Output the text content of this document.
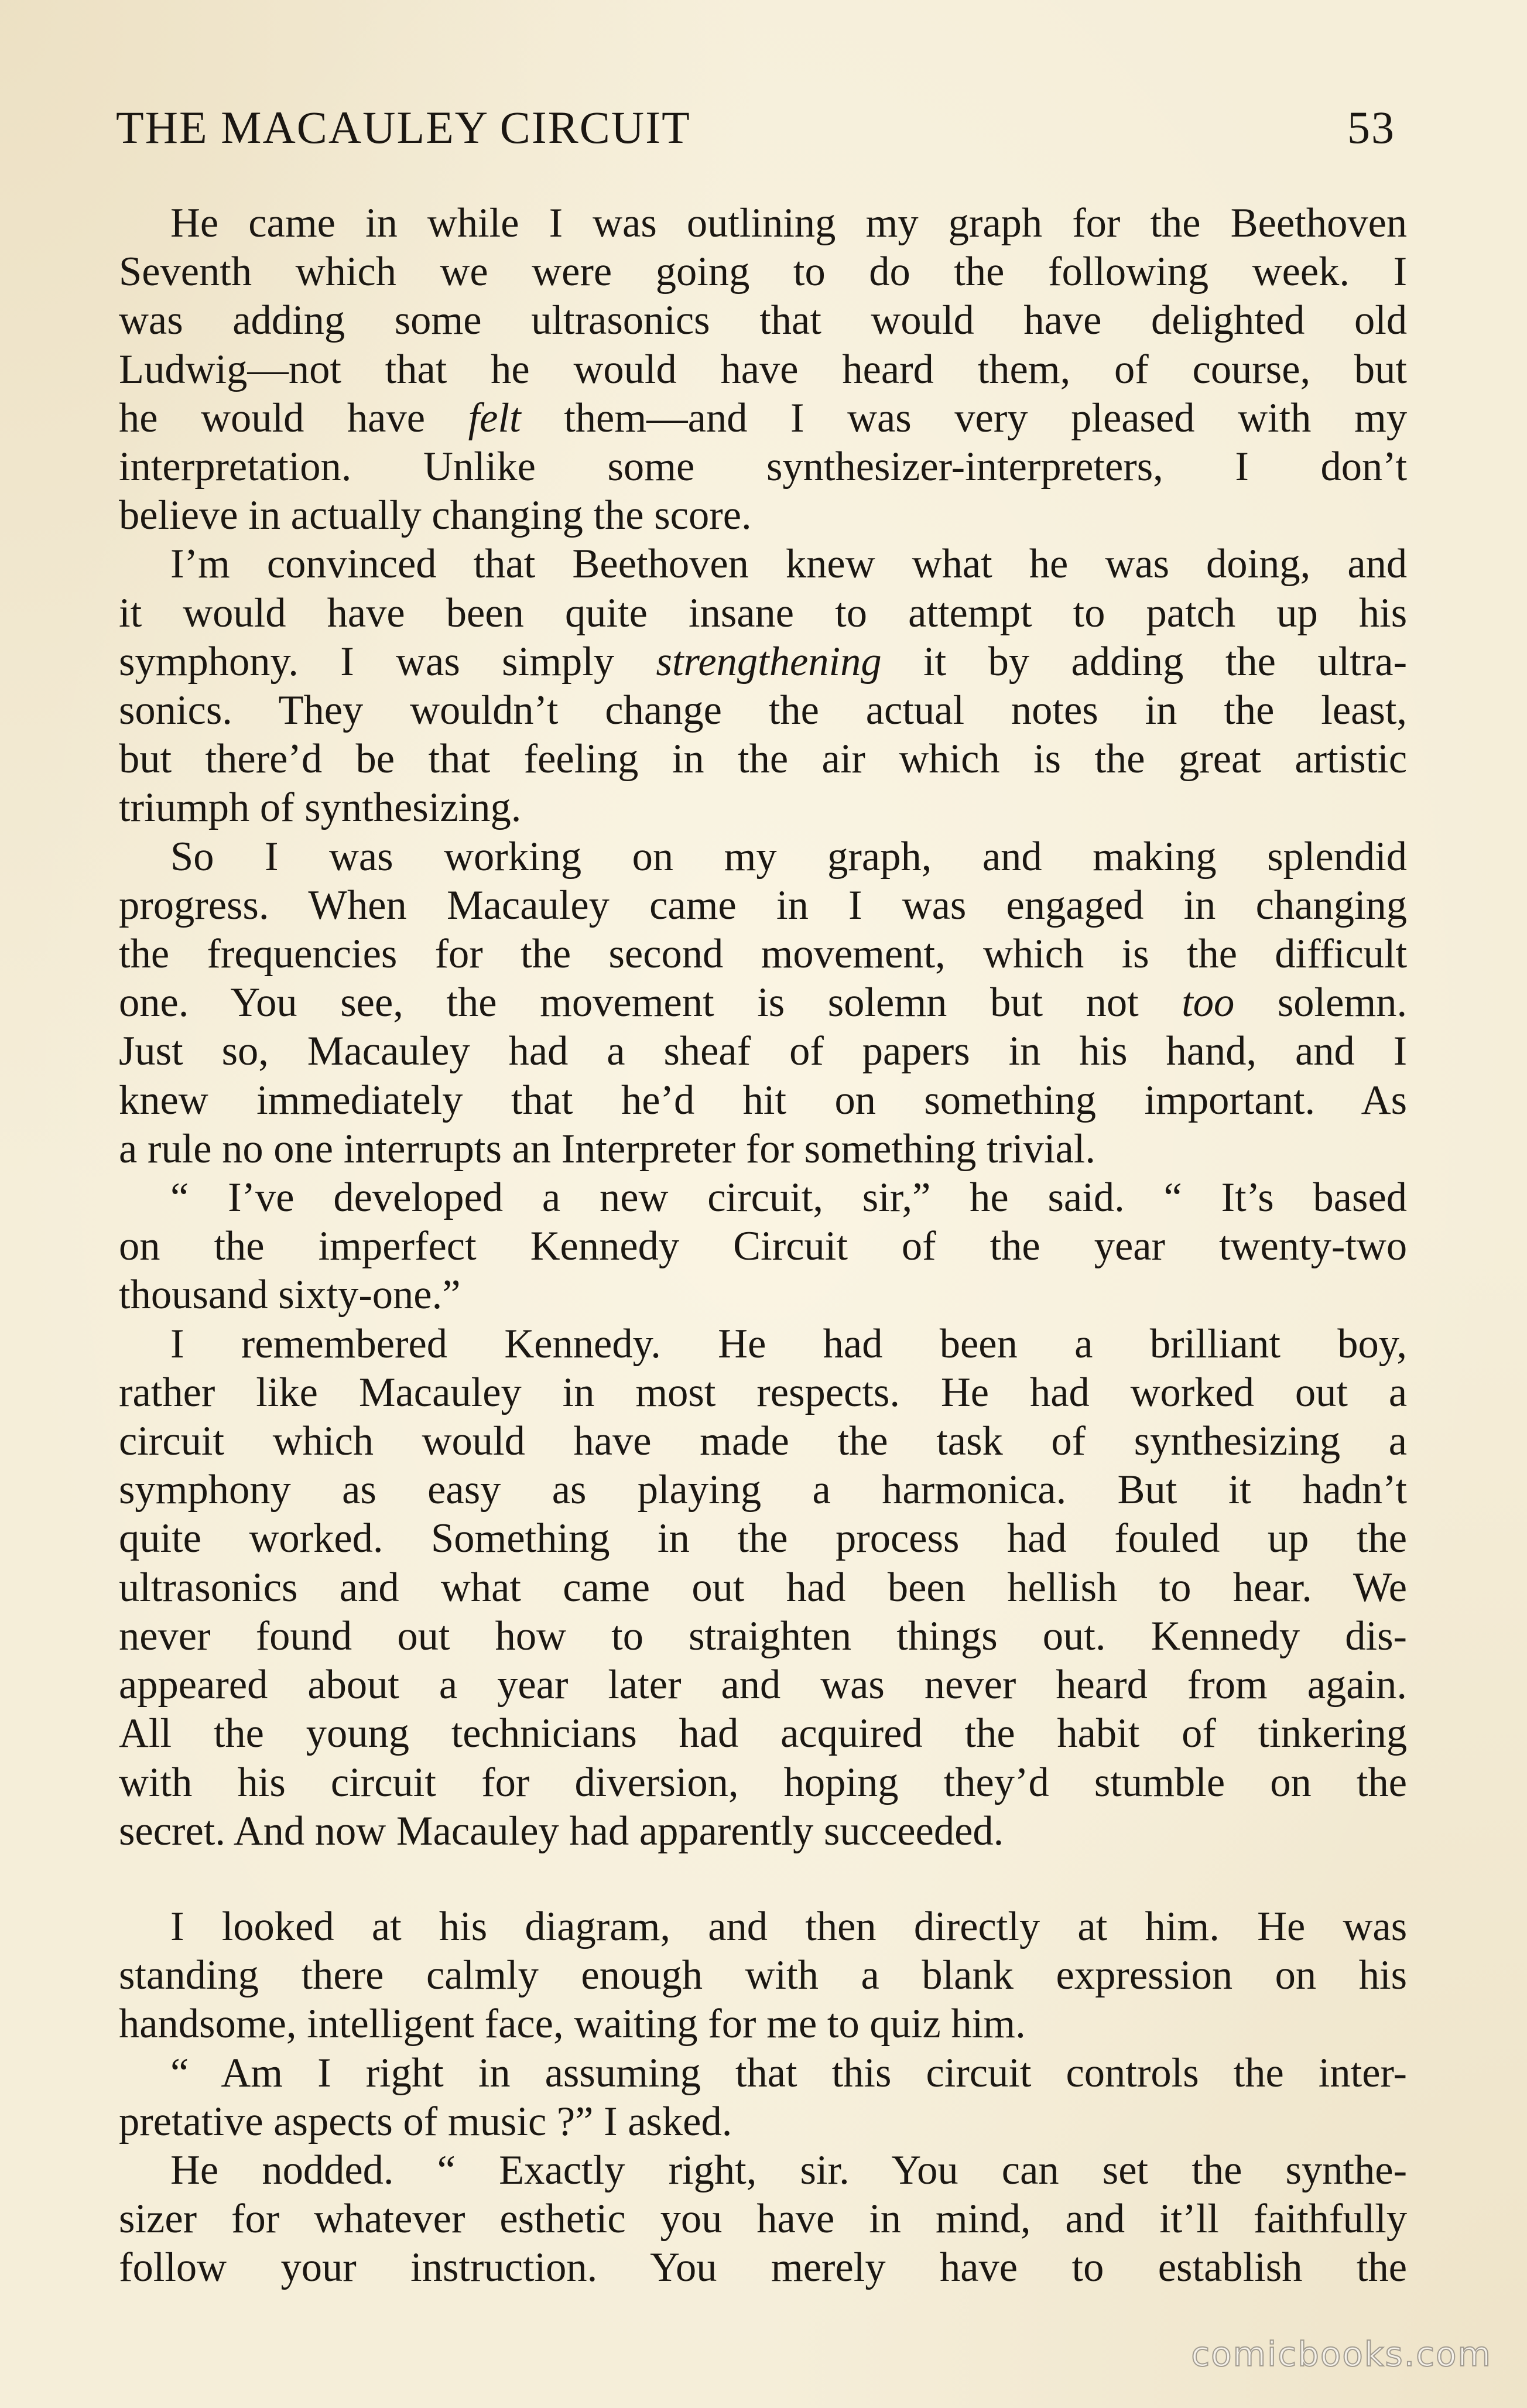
THE MACAULEY CIRCUIT	53

He came in while I was outlining my graph for the Beethoven
Seventh which we were going to do the following week. I
was adding some ultrasonics that would have delighted old
Ludwig—not that he would have heard them, of course, but
he would have felt them—and I was very pleased with my
interpretation. Unlike some synthesizer-interpreters, I don’t
believe in actually changing the score.

I’m convinced that Beethoven knew what he was doing, and
it would have been quite insane to attempt to patch up his
symphony. I was simply strengthening it by adding the ultra-
sonics. They wouldn’t change the actual notes in the least,
but there’d be that feeling in the air which is the great artistic
triumph of synthesizing.

So I was working on my graph, and making splendid
progress. When Macauley came in I was engaged in changing
the frequencies for the second movement, which is the difficult
one. You see, the movement is solemn but not too solemn.
Just so, Macauley had a sheaf of papers in his hand, and I
knew immediately that he’d hit on something important. As
a rule no one interrupts an Interpreter for something trivial.

“ I’ve developed a new circuit, sir,” he said. “ It’s based
on the imperfect Kennedy Circuit of the year twenty-two
thousand sixty-one.”

I remembered Kennedy. He had been a brilliant boy,
rather like Macauley in most respects. He had worked out a
circuit which would have made the task of synthesizing a
symphony as easy as playing a harmonica. But it hadn’t
quite worked. Something in the process had fouled up the
ultrasonics and what came out had been hellish to hear. We
never found out how to straighten things out. Kennedy dis-
appeared about a year later and was never heard from again.
All the young technicians had acquired the habit of tinkering
with his circuit for diversion, hoping they’d stumble on the
secret. And now Macauley had apparently succeeded.

I looked at his diagram, and then directly at him. He was
standing there calmly enough with a blank expression on his
handsome, intelligent face, waiting for me to quiz him.

“ Am I right in assuming that this circuit controls the inter-
pretative aspects of music ?” I asked.

He nodded. “ Exactly right, sir. You can set the synthe-
sizer for whatever esthetic you have in mind, and it’ll faithfully
follow your instruction. You merely have to establish the

comicbooks.com
